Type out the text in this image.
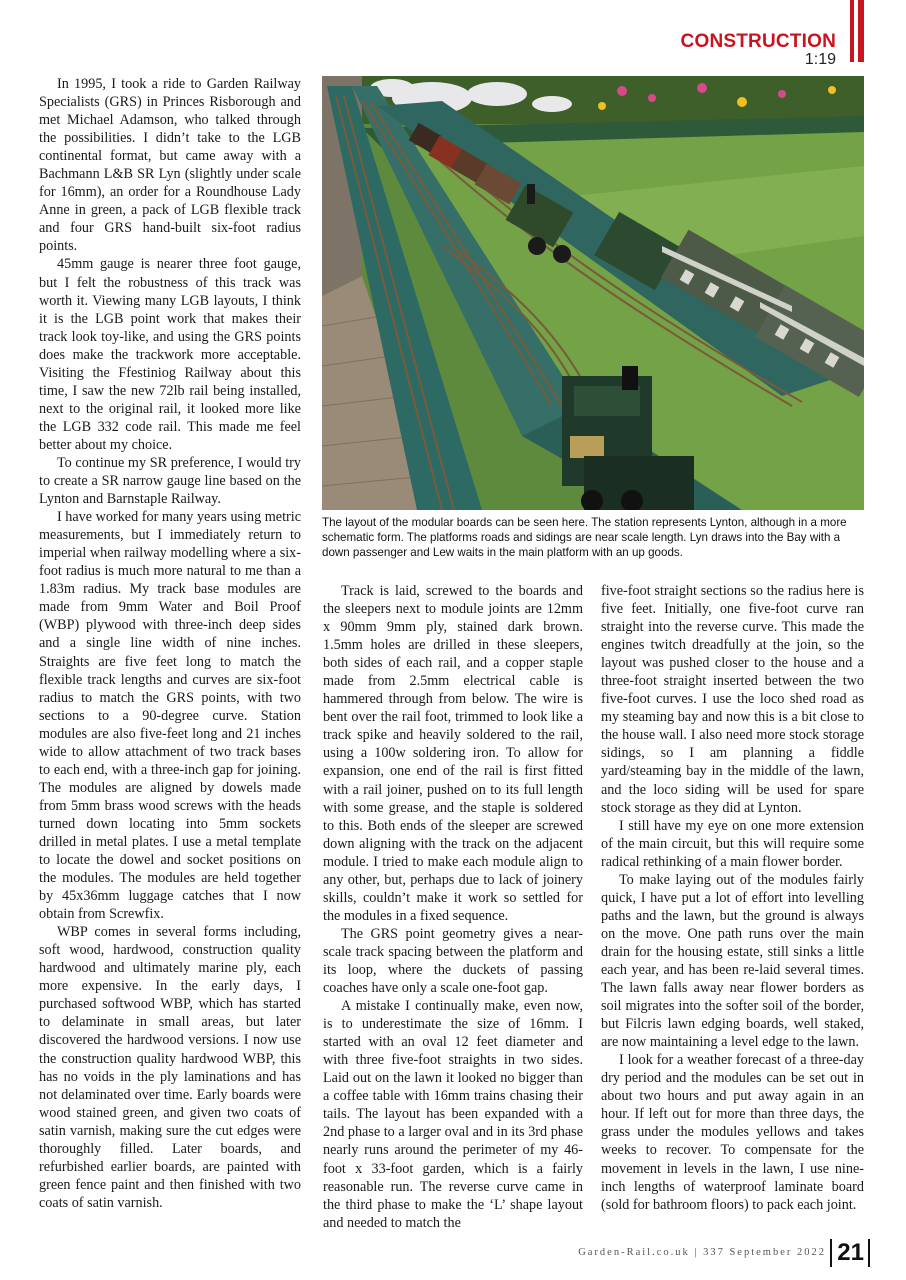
CONSTRUCTION
1:19

In 1995, I took a ride to Garden Railway Specialists (GRS) in Princes Risborough and met Michael Adamson, who talked through the possibilities. I didn’t take to the LGB continental format, but came away with a Bachmann L&B SR Lyn (slightly under scale for 16mm), an order for a Roundhouse Lady Anne in green, a pack of LGB flexible track and four GRS hand-built six-foot radius points.

45mm gauge is nearer three foot gauge, but I felt the robustness of this track was worth it. Viewing many LGB layouts, I think it is the LGB point work that makes their track look toy-like, and using the GRS points does make the trackwork more acceptable. Visiting the Ffestiniog Railway about this time, I saw the new 72lb rail being installed, next to the original rail, it looked more like the LGB 332 code rail. This made me feel better about my choice.

To continue my SR preference, I would try to create a SR narrow gauge line based on the Lynton and Barnstaple Railway.

I have worked for many years using metric measurements, but I immediately return to imperial when railway modelling where a six-foot radius is much more natural to me than a 1.83m radius. My track base modules are made from 9mm Water and Boil Proof (WBP) plywood with three-inch deep sides and a single line width of nine inches. Straights are five feet long to match the flexible track lengths and curves are six-foot radius to match the GRS points, with two sections to a 90-degree curve. Station modules are also five-feet long and 21 inches wide to allow attachment of two track bases to each end, with a three-inch gap for joining. The modules are aligned by dowels made from 5mm brass wood screws with the heads turned down locating into 5mm sockets drilled in metal plates. I use a metal template to locate the dowel and socket positions on the modules. The modules are held together by 45x36mm luggage catches that I now obtain from Screwfix.

WBP comes in several forms including, soft wood, hardwood, construction quality hardwood and ultimately marine ply, each more expensive. In the early days, I purchased softwood WBP, which has started to delaminate in small areas, but later discovered the hardwood versions. I now use the construction quality hardwood WBP, this has no voids in the ply laminations and has not delaminated over time. Early boards were wood stained green, and given two coats of satin varnish, making sure the cut edges were thoroughly filled. Later boards, and refurbished earlier boards, are painted with green fence paint and then finished with two coats of satin varnish.

The layout of the modular boards can be seen here. The station represents Lynton, although in a more schematic form. The platforms roads and sidings are near scale length. Lyn draws into the Bay with a down passenger and Lew waits in the main platform with an up goods.

Track is laid, screwed to the boards and the sleepers next to module joints are 12mm x 90mm 9mm ply, stained dark brown. 1.5mm holes are drilled in these sleepers, both sides of each rail, and a copper staple made from 2.5mm electrical cable is hammered through from below. The wire is bent over the rail foot, trimmed to look like a track spike and heavily soldered to the rail, using a 100w soldering iron. To allow for expansion, one end of the rail is first fitted with a rail joiner, pushed on to its full length with some grease, and the staple is soldered to this. Both ends of the sleeper are screwed down aligning with the track on the adjacent module. I tried to make each module align to any other, but, perhaps due to lack of joinery skills, couldn’t make it work so settled for the modules in a fixed sequence.

The GRS point geometry gives a near-scale track spacing between the platform and its loop, where the duckets of passing coaches have only a scale one-foot gap.

A mistake I continually make, even now, is to underestimate the size of 16mm. I started with an oval 12 feet diameter and with three five-foot straights in two sides. Laid out on the lawn it looked no bigger than a coffee table with 16mm trains chasing their tails. The layout has been expanded with a 2nd phase to a larger oval and in its 3rd phase nearly runs around the perimeter of my 46-foot x 33-foot garden, which is a fairly reasonable run. The reverse curve came in the third phase to make the ‘L’ shape layout and needed to match the

five-foot straight sections so the radius here is five feet. Initially, one five-foot curve ran straight into the reverse curve. This made the engines twitch dreadfully at the join, so the layout was pushed closer to the house and a three-foot straight inserted between the two five-foot curves. I use the loco shed road as my steaming bay and now this is a bit close to the house wall. I also need more stock storage sidings, so I am planning a fiddle yard/steaming bay in the middle of the lawn, and the loco siding will be used for spare stock storage as they did at Lynton.

I still have my eye on one more extension of the main circuit, but this will require some radical rethinking of a main flower border.

To make laying out of the modules fairly quick, I have put a lot of effort into levelling paths and the lawn, but the ground is always on the move. One path runs over the main drain for the housing estate, still sinks a little each year, and has been re-laid several times. The lawn falls away near flower borders as soil migrates into the softer soil of the border, but Filcris lawn edging boards, well staked, are now maintaining a level edge to the lawn.

I look for a weather forecast of a three-day dry period and the modules can be set out in about two hours and put away again in an hour. If left out for more than three days, the grass under the modules yellows and takes weeks to recover. To compensate for the movement in levels in the lawn, I use nine-inch lengths of waterproof laminate board (sold for bathroom floors) to pack each joint.

Garden-Rail.co.uk | 337 September 2022 21
